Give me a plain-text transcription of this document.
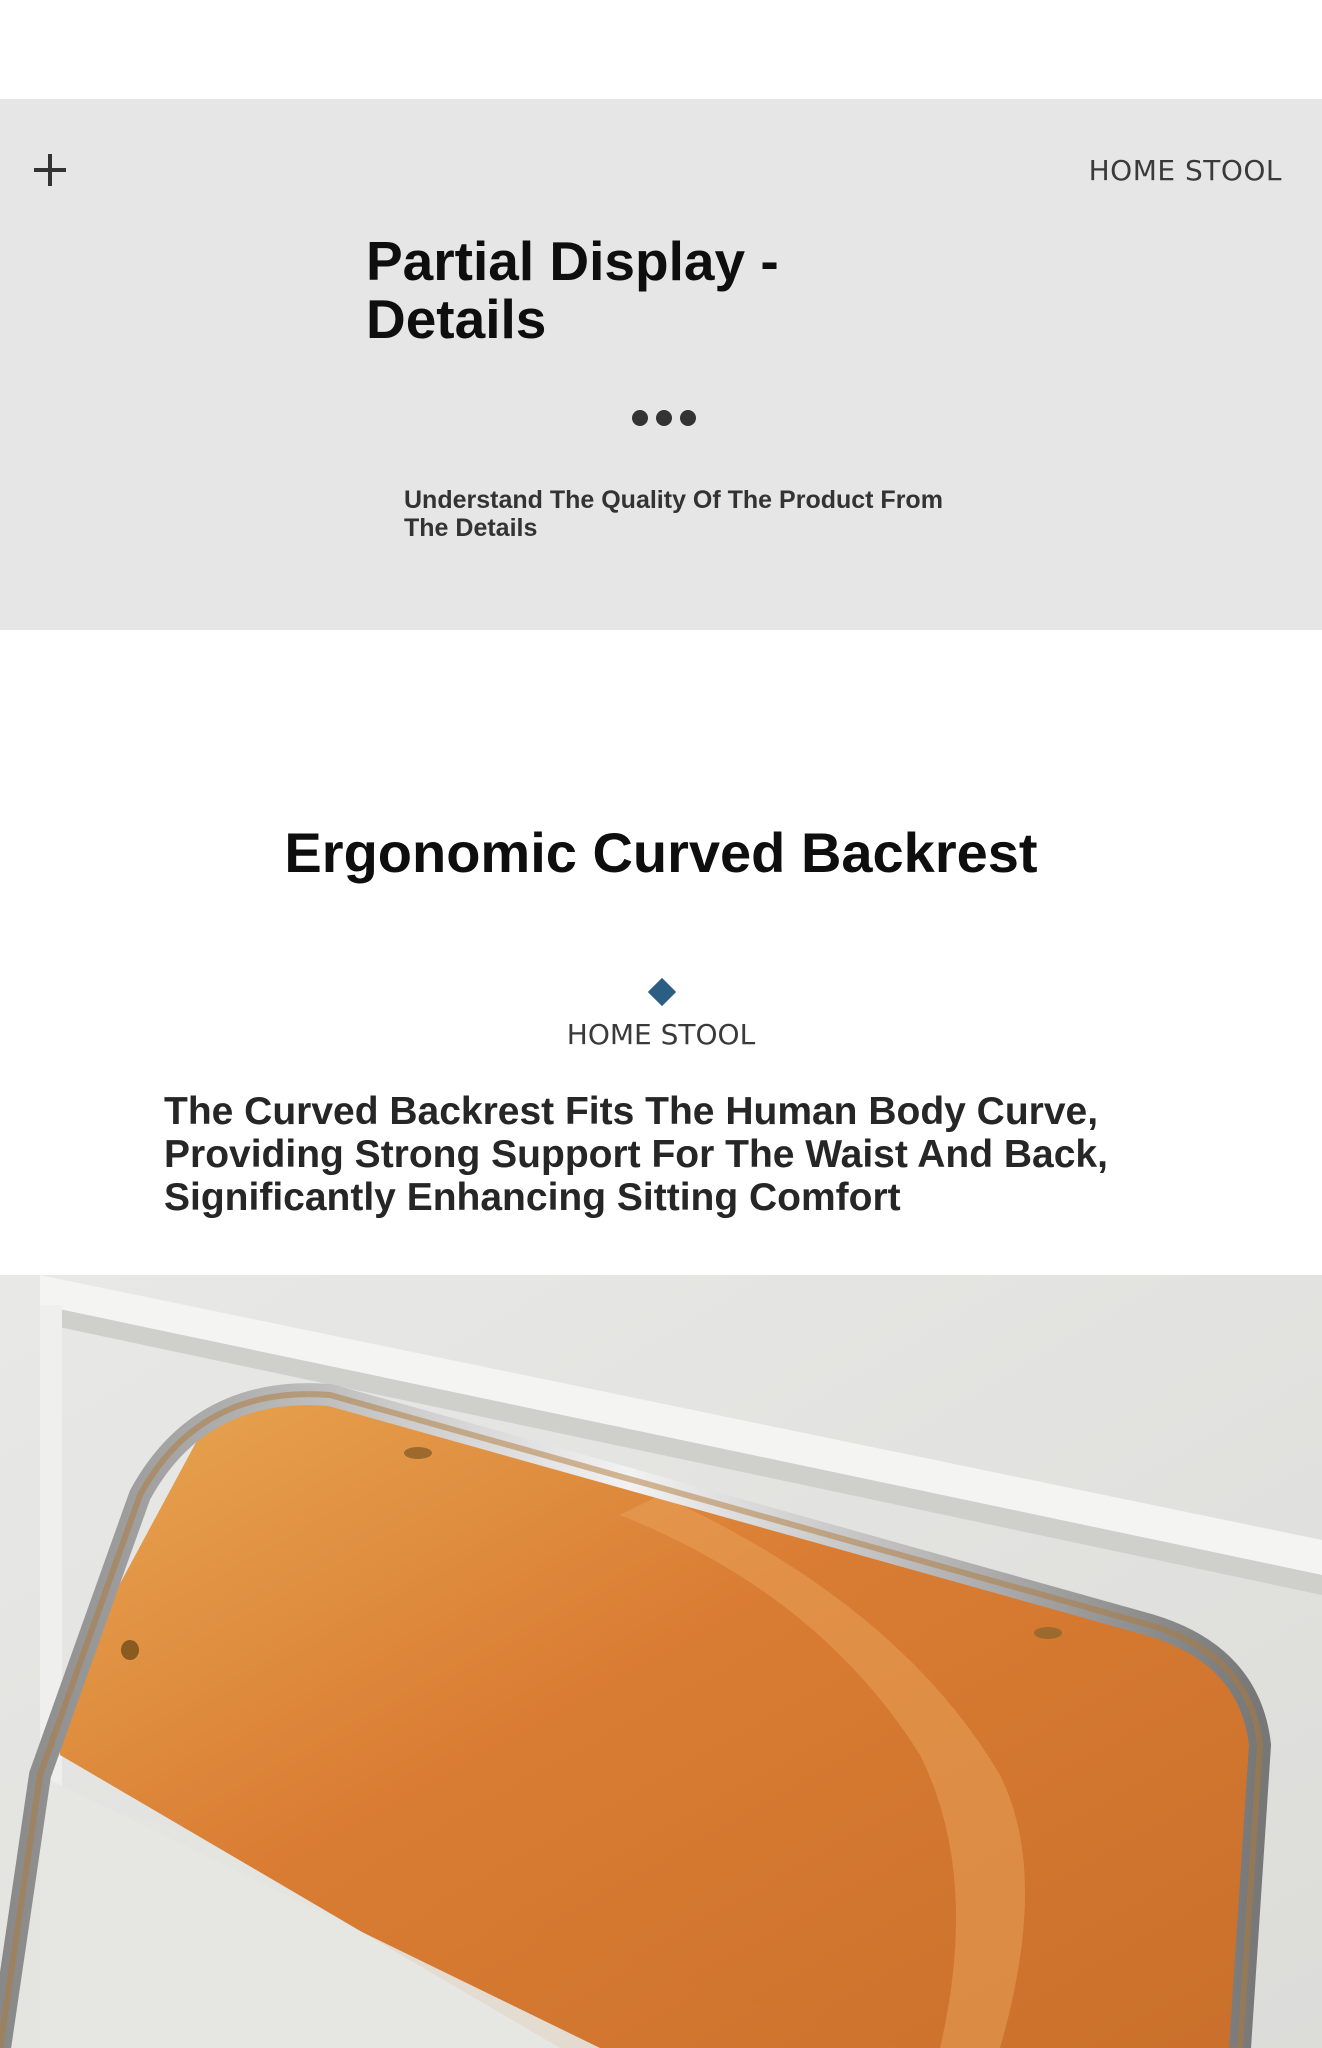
HOME STOOL
Partial Display - Details

Understand The Quality Of The Product From The Details

Ergonomic Curved Backrest
HOME STOOL

The Curved Backrest Fits The Human Body Curve, Providing Strong Support For The Waist And Back, Significantly Enhancing Sitting Comfort
